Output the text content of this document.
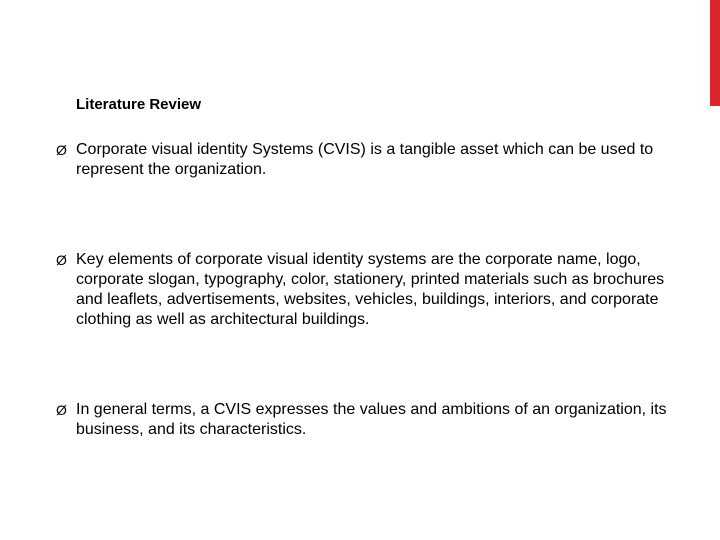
Literature Review
Ø Corporate visual identity Systems (CVIS) is a tangible asset which can be used to represent the organization.
Ø Key elements of corporate visual identity systems are the corporate name, logo, corporate slogan, typography, color, stationery, printed materials such as brochures and leaflets, advertisements, websites, vehicles, buildings, interiors, and corporate clothing as well as architectural buildings.
Ø In general terms, a CVIS expresses the values and ambitions of an organization, its business, and its characteristics.
